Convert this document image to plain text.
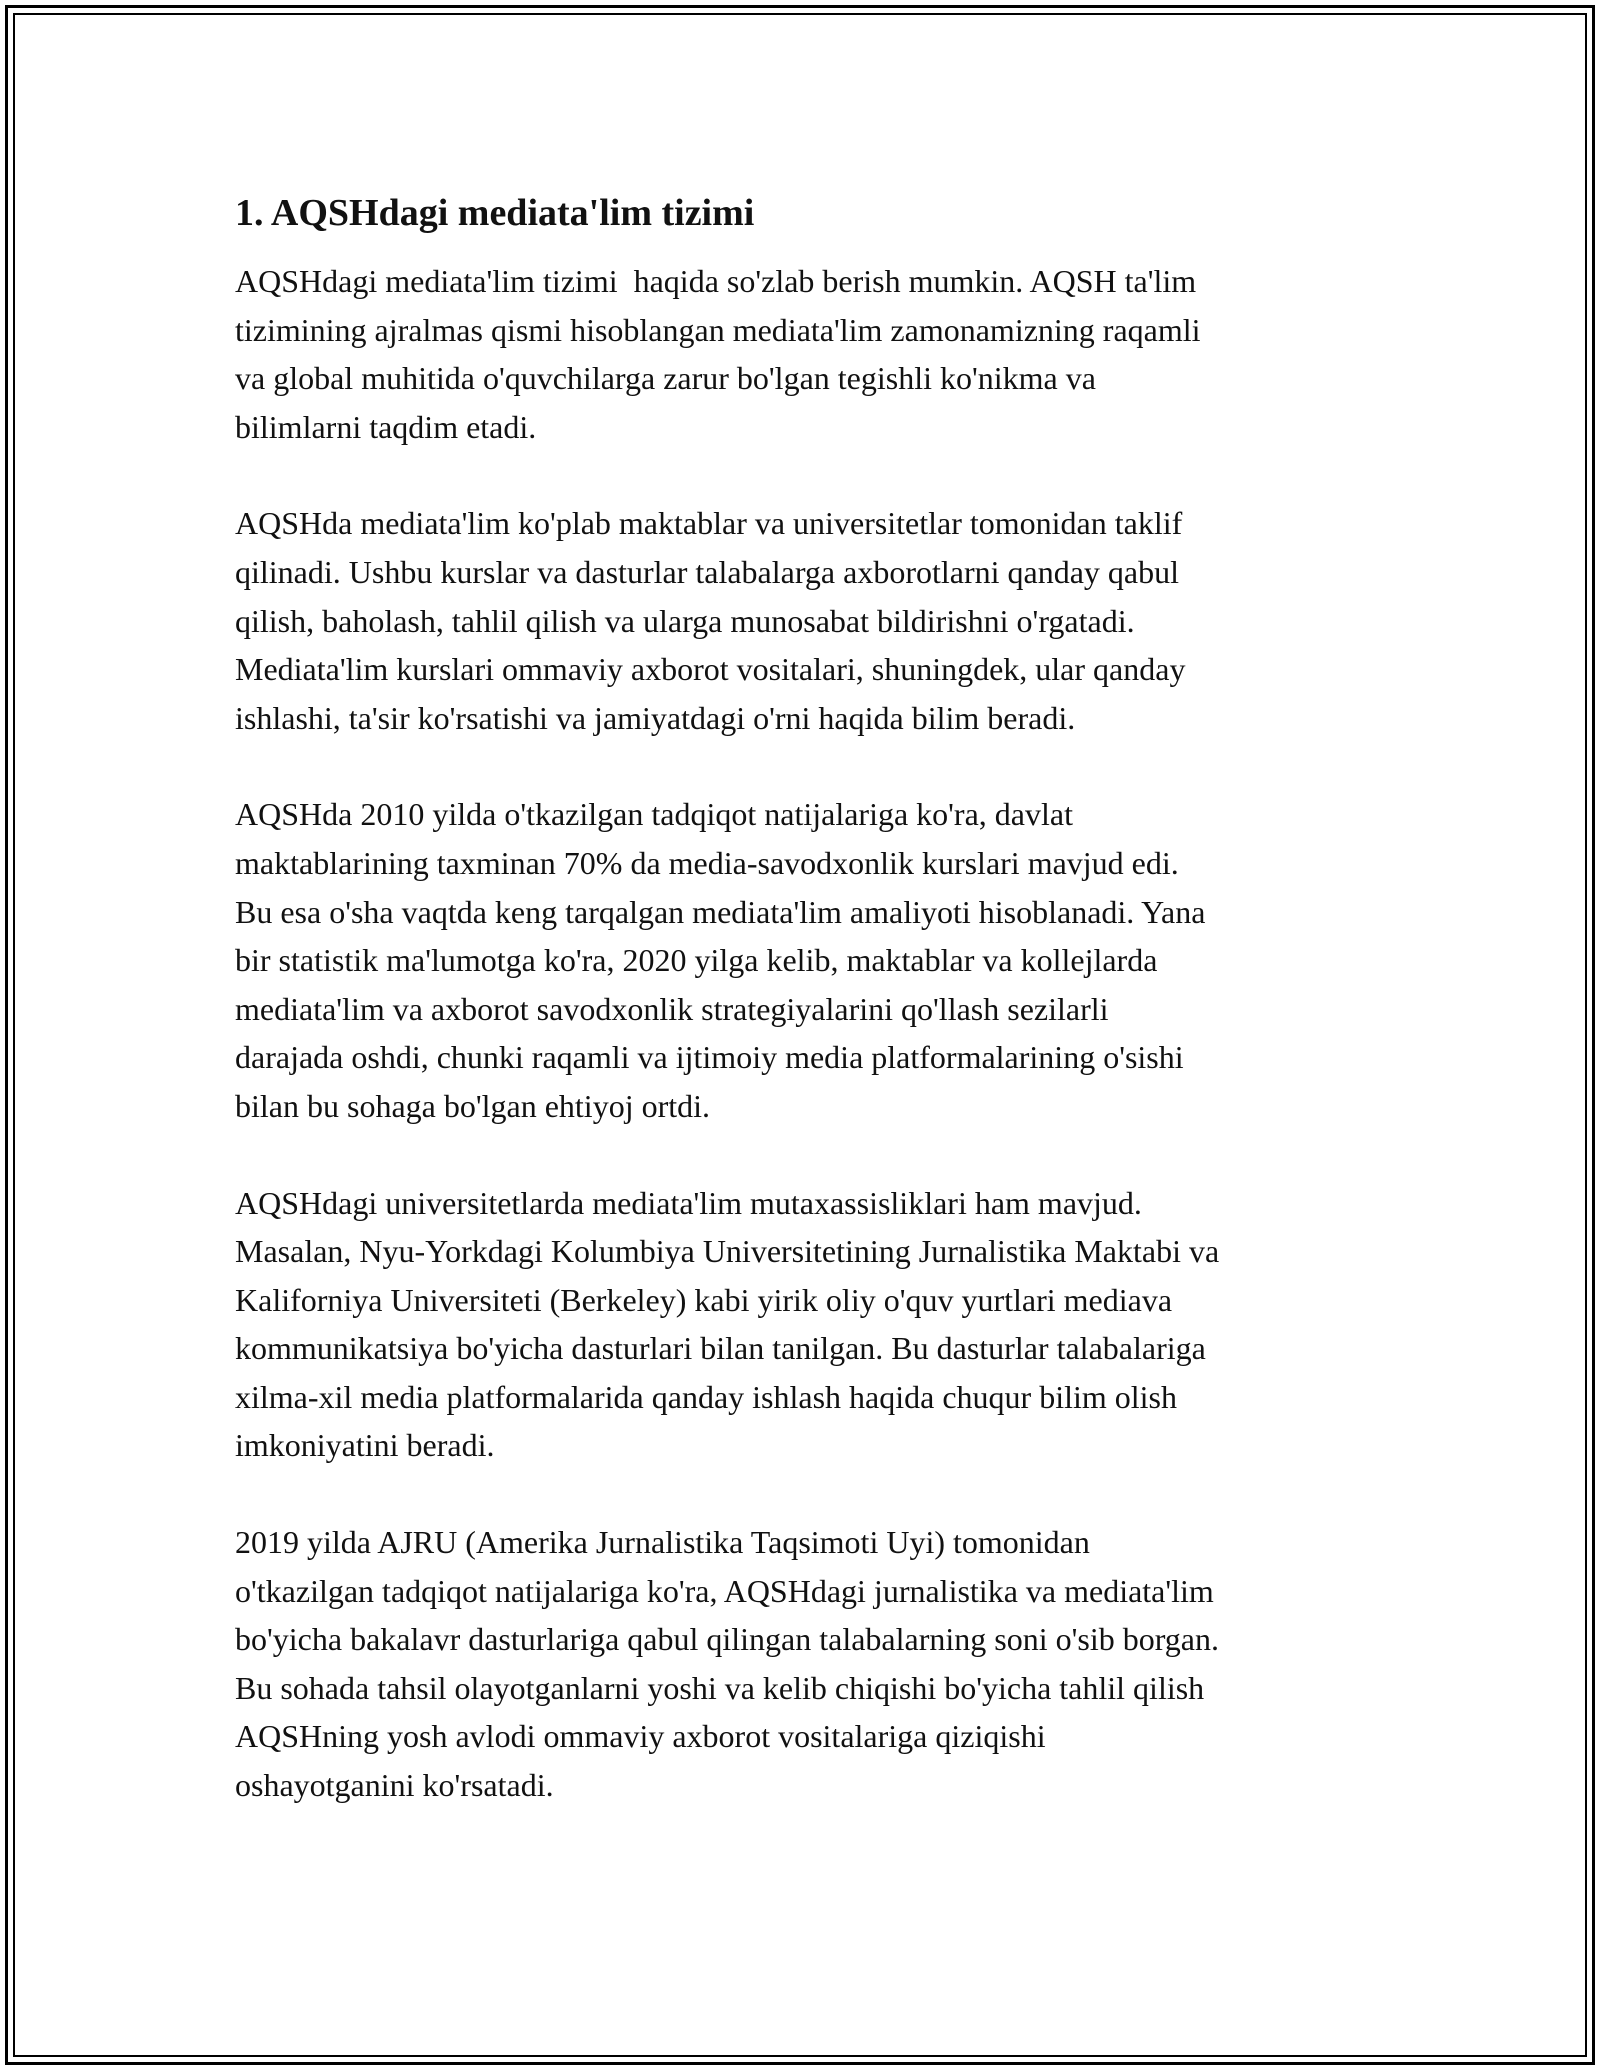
1. AQSHdagi mediata'lim tizimi
AQSHdagi mediata'lim tizimi  haqida so'zlab berish mumkin. AQSH ta'lim
tizimining ajralmas qismi hisoblangan mediata'lim zamonamizning raqamli
va global muhitida o'quvchilarga zarur bo'lgan tegishli ko'nikma va
bilimlarni taqdim etadi.
AQSHda mediata'lim ko'plab maktablar va universitetlar tomonidan taklif
qilinadi. Ushbu kurslar va dasturlar talabalarga axborotlarni qanday qabul
qilish, baholash, tahlil qilish va ularga munosabat bildirishni o'rgatadi.
Mediata'lim kurslari ommaviy axborot vositalari, shuningdek, ular qanday
ishlashi, ta'sir ko'rsatishi va jamiyatdagi o'rni haqida bilim beradi.
AQSHda 2010 yilda o'tkazilgan tadqiqot natijalariga ko'ra, davlat
maktablarining taxminan 70% da media-savodxonlik kurslari mavjud edi.
Bu esa o'sha vaqtda keng tarqalgan mediata'lim amaliyoti hisoblanadi. Yana
bir statistik ma'lumotga ko'ra, 2020 yilga kelib, maktablar va kollejlarda
mediata'lim va axborot savodxonlik strategiyalarini qo'llash sezilarli
darajada oshdi, chunki raqamli va ijtimoiy media platformalarining o'sishi
bilan bu sohaga bo'lgan ehtiyoj ortdi.
AQSHdagi universitetlarda mediata'lim mutaxassisliklari ham mavjud.
Masalan, Nyu-Yorkdagi Kolumbiya Universitetining Jurnalistika Maktabi va
Kaliforniya Universiteti (Berkeley) kabi yirik oliy o'quv yurtlari mediava
kommunikatsiya bo'yicha dasturlari bilan tanilgan. Bu dasturlar talabalariga
xilma-xil media platformalarida qanday ishlash haqida chuqur bilim olish
imkoniyatini beradi.
2019 yilda AJRU (Amerika Jurnalistika Taqsimoti Uyi) tomonidan
o'tkazilgan tadqiqot natijalariga ko'ra, AQSHdagi jurnalistika va mediata'lim
bo'yicha bakalavr dasturlariga qabul qilingan talabalarning soni o'sib borgan.
Bu sohada tahsil olayotganlarni yoshi va kelib chiqishi bo'yicha tahlil qilish
AQSHning yosh avlodi ommaviy axborot vositalariga qiziqishi
oshayotganini ko'rsatadi.
